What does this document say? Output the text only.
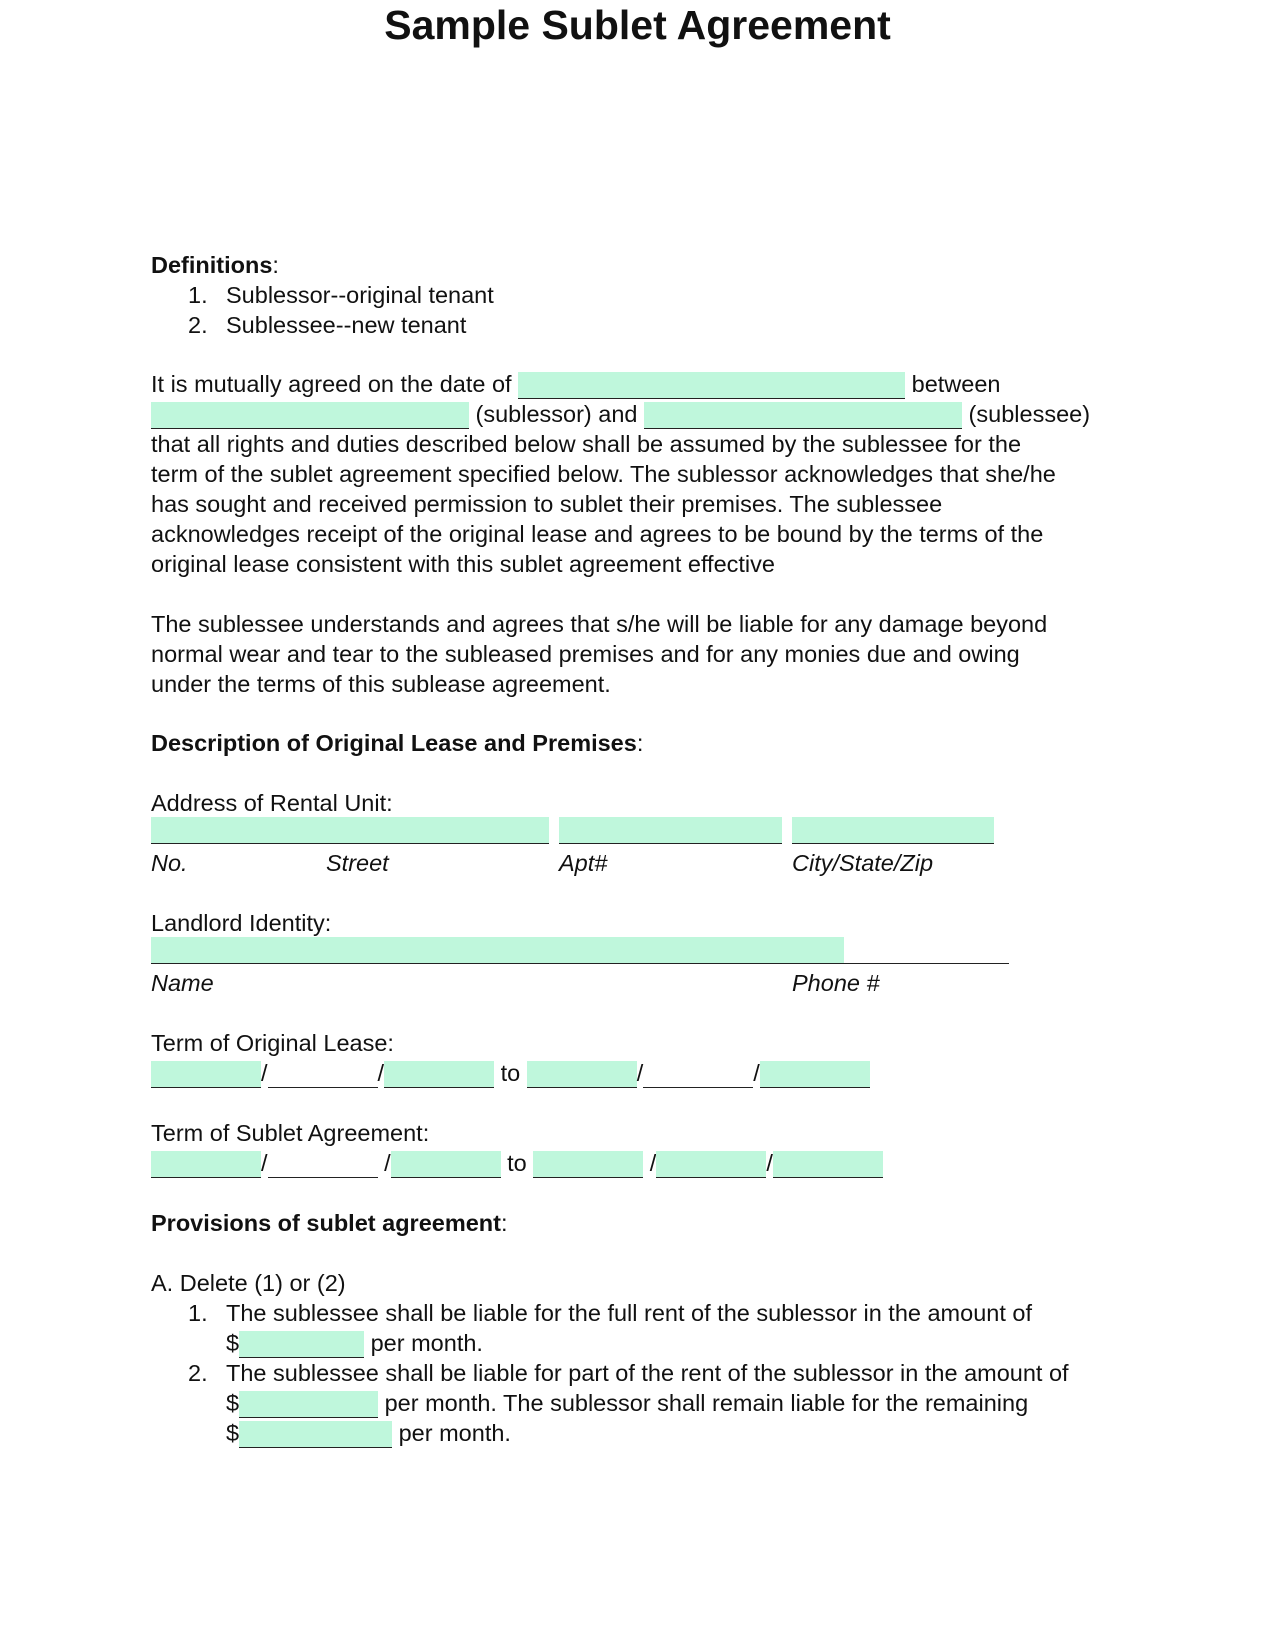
Sample Sublet Agreement
Definitions:
1. Sublessor--original tenant
2. Sublessee--new tenant

It is mutually agreed on the date of	between

(sublessor) and	(sublessee)

that all rights and duties described below shall be assumed by the sublessee for the

term of the sublet agreement specified below. The sublessor acknowledges that she/he

has sought and received permission to sublet their premises. The sublessee

acknowledges receipt of the original lease and agrees to be bound by the terms of the

original lease consistent with this sublet agreement effective

The sublessee understands and agrees that s/he will be liable for any damage beyond

normal wear and tear to the subleased premises and for any monies due and owing

under the terms of this sublease agreement.

Description of Original Lease and Premises:
Address of Rental Unit:
No.	Street	Apt#	City/State/Zip
Landlord Identity:
Name	Phone #
Term of Original Lease:
/	/	to	/	/
Term of Sublet Agreement:
/	/	to	/	/
Provisions of sublet agreement:
A. Delete (1) or (2)
1. The sublessee shall be liable for the full rent of the sublessor in the amount of
$	per month.
2. The sublessee shall be liable for part of the rent of the sublessor in the amount of
$	per month. The sublessor shall remain liable for the remaining
$	per month.
